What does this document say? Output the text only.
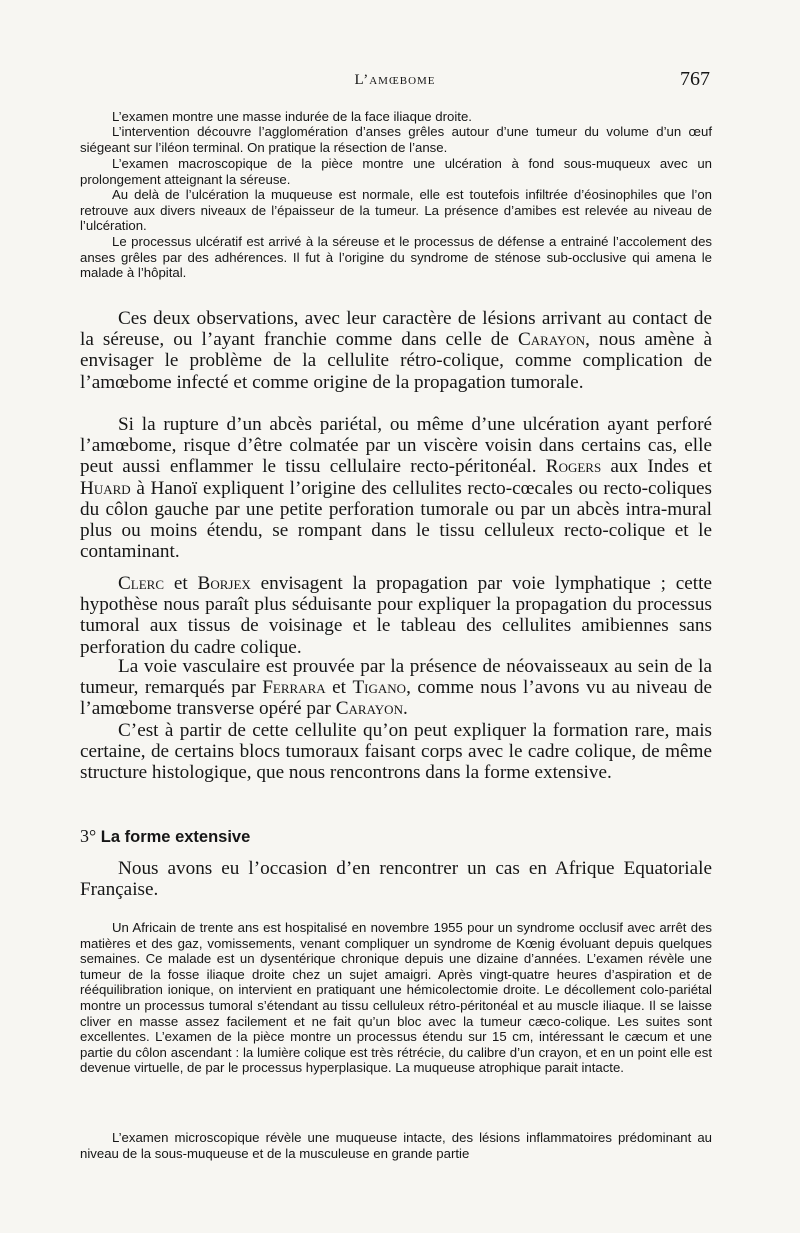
L’amœbome	767

L’examen montre une masse indurée de la face iliaque droite.

L’intervention découvre l’agglomération d’anses grêles autour d’une tumeur du volume d’un œuf siégeant sur l’iléon terminal. On pratique la résection de l’anse.

L’examen macroscopique de la pièce montre une ulcération à fond sous-muqueux avec un prolongement atteignant la séreuse.

Au delà de l’ulcération la muqueuse est normale, elle est toutefois infiltrée d’éosinophiles que l’on retrouve aux divers niveaux de l’épaisseur de la tumeur. La présence d’amibes est relevée au niveau de l’ulcération.

Le processus ulcératif est arrivé à la séreuse et le processus de défense a entrainé l’accolement des anses grêles par des adhérences. Il fut à l’origine du syndrome de sténose sub-occlusive qui amena le malade à l’hôpital.

Ces deux observations, avec leur caractère de lésions arrivant au contact de la séreuse, ou l’ayant franchie comme dans celle de Carayon, nous amène à envisager le problème de la cellulite rétro-colique, comme complication de l’amœbome infecté et comme origine de la propagation tumorale.

Si la rupture d’un abcès pariétal, ou même d’une ulcération ayant perforé l’amœbome, risque d’être colmatée par un viscère voisin dans certains cas, elle peut aussi enflammer le tissu cellulaire recto-péritonéal. Rogers aux Indes et Huard à Hanoï expliquent l’origine des cellulites recto-cœcales ou recto-coliques du côlon gauche par une petite perforation tumorale ou par un abcès intra-mural plus ou moins étendu, se rompant dans le tissu celluleux recto-colique et le contaminant.

Clerc et Borjex envisagent la propagation par voie lymphatique ; cette hypothèse nous paraît plus séduisante pour expliquer la propagation du processus tumoral aux tissus de voisinage et le tableau des cellulites amibiennes sans perforation du cadre colique.

La voie vasculaire est prouvée par la présence de néovaisseaux au sein de la tumeur, remarqués par Ferrara et Tigano, comme nous l’avons vu au niveau de l’amœbome transverse opéré par Carayon.

C’est à partir de cette cellulite qu’on peut expliquer la formation rare, mais certaine, de certains blocs tumoraux faisant corps avec le cadre colique, de même structure histologique, que nous rencontrons dans la forme extensive.

3° La forme extensive

Nous avons eu l’occasion d’en rencontrer un cas en Afrique Equatoriale Française.

Un Africain de trente ans est hospitalisé en novembre 1955 pour un syndrome occlusif avec arrêt des matières et des gaz, vomissements, venant compliquer un syndrome de Kœnig évoluant depuis quelques semaines. Ce malade est un dysentérique chronique depuis une dizaine d’années. L’examen révèle une tumeur de la fosse iliaque droite chez un sujet amaigri. Après vingt-quatre heures d’aspiration et de rééquilibration ionique, on intervient en pratiquant une hémicolectomie droite. Le décollement colo-pariétal montre un processus tumoral s’étendant au tissu celluleux rétro-péritonéal et au muscle iliaque. Il se laisse cliver en masse assez facilement et ne fait qu’un bloc avec la tumeur cæco-colique. Les suites sont excellentes. L’examen de la pièce montre un processus étendu sur 15 cm, intéressant le cæcum et une partie du côlon ascendant : la lumière colique est très rétrécie, du calibre d’un crayon, et en un point elle est devenue virtuelle, de par le processus hyperplasique. La muqueuse atrophique parait intacte.

L’examen microscopique révèle une muqueuse intacte, des lésions inflammatoires prédominant au niveau de la sous-muqueuse et de la musculeuse en grande partie
